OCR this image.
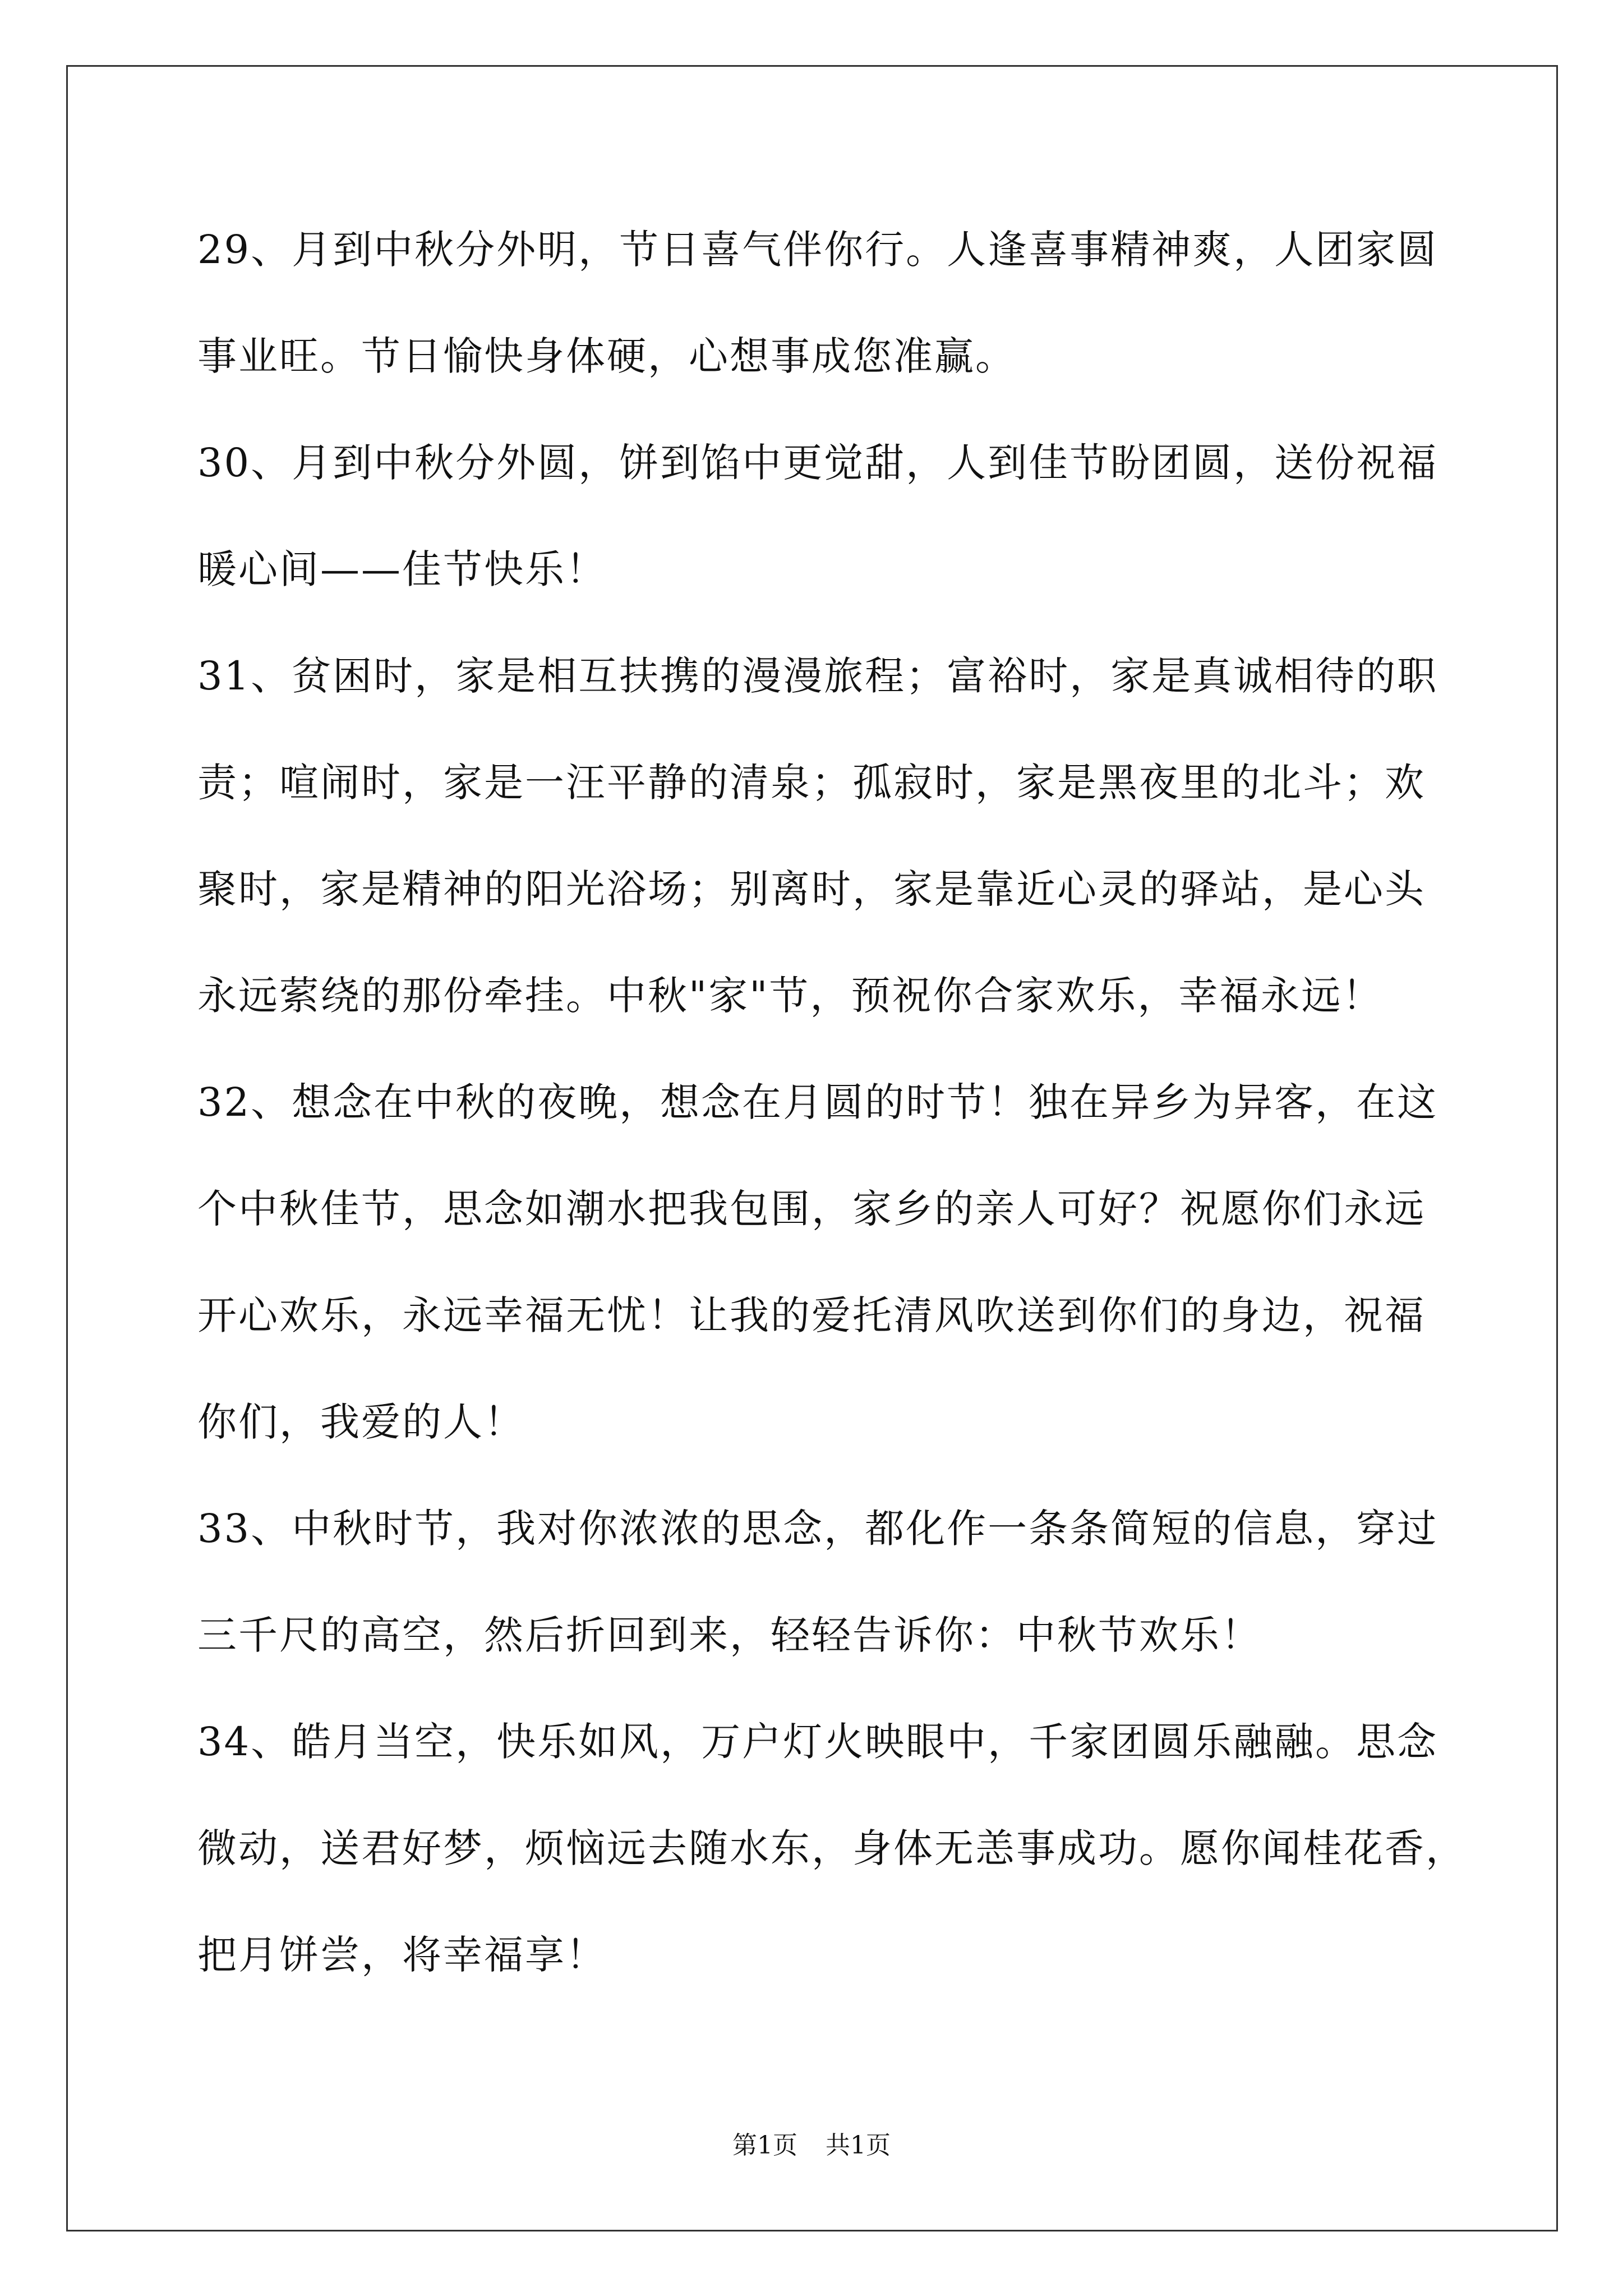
29、月到中秋分外明，节日喜气伴你行。人逢喜事精神爽，人团家圆
事业旺。节日愉快身体硬，心想事成您准赢。
30、月到中秋分外圆，饼到馅中更觉甜，人到佳节盼团圆，送份祝福
暖心间——佳节快乐！
31、贫困时，家是相互扶携的漫漫旅程；富裕时，家是真诚相待的职
责；喧闹时，家是一汪平静的清泉；孤寂时，家是黑夜里的北斗；欢
聚时，家是精神的阳光浴场；别离时，家是靠近心灵的驿站，是心头
永远萦绕的那份牵挂。中秋"家"节，预祝你合家欢乐，幸福永远！
32、想念在中秋的夜晚，想念在月圆的时节！独在异乡为异客，在这
个中秋佳节，思念如潮水把我包围，家乡的亲人可好？祝愿你们永远
开心欢乐，永远幸福无忧！让我的爱托清风吹送到你们的身边，祝福
你们，我爱的人！
33、中秋时节，我对你浓浓的思念，都化作一条条简短的信息，穿过
三千尺的高空，然后折回到来，轻轻告诉你：中秋节欢乐！
34、皓月当空，快乐如风，万户灯火映眼中，千家团圆乐融融。思念
微动，送君好梦，烦恼远去随水东，身体无恙事成功。愿你闻桂花香，
把月饼尝，将幸福享！
第1页 共1页
